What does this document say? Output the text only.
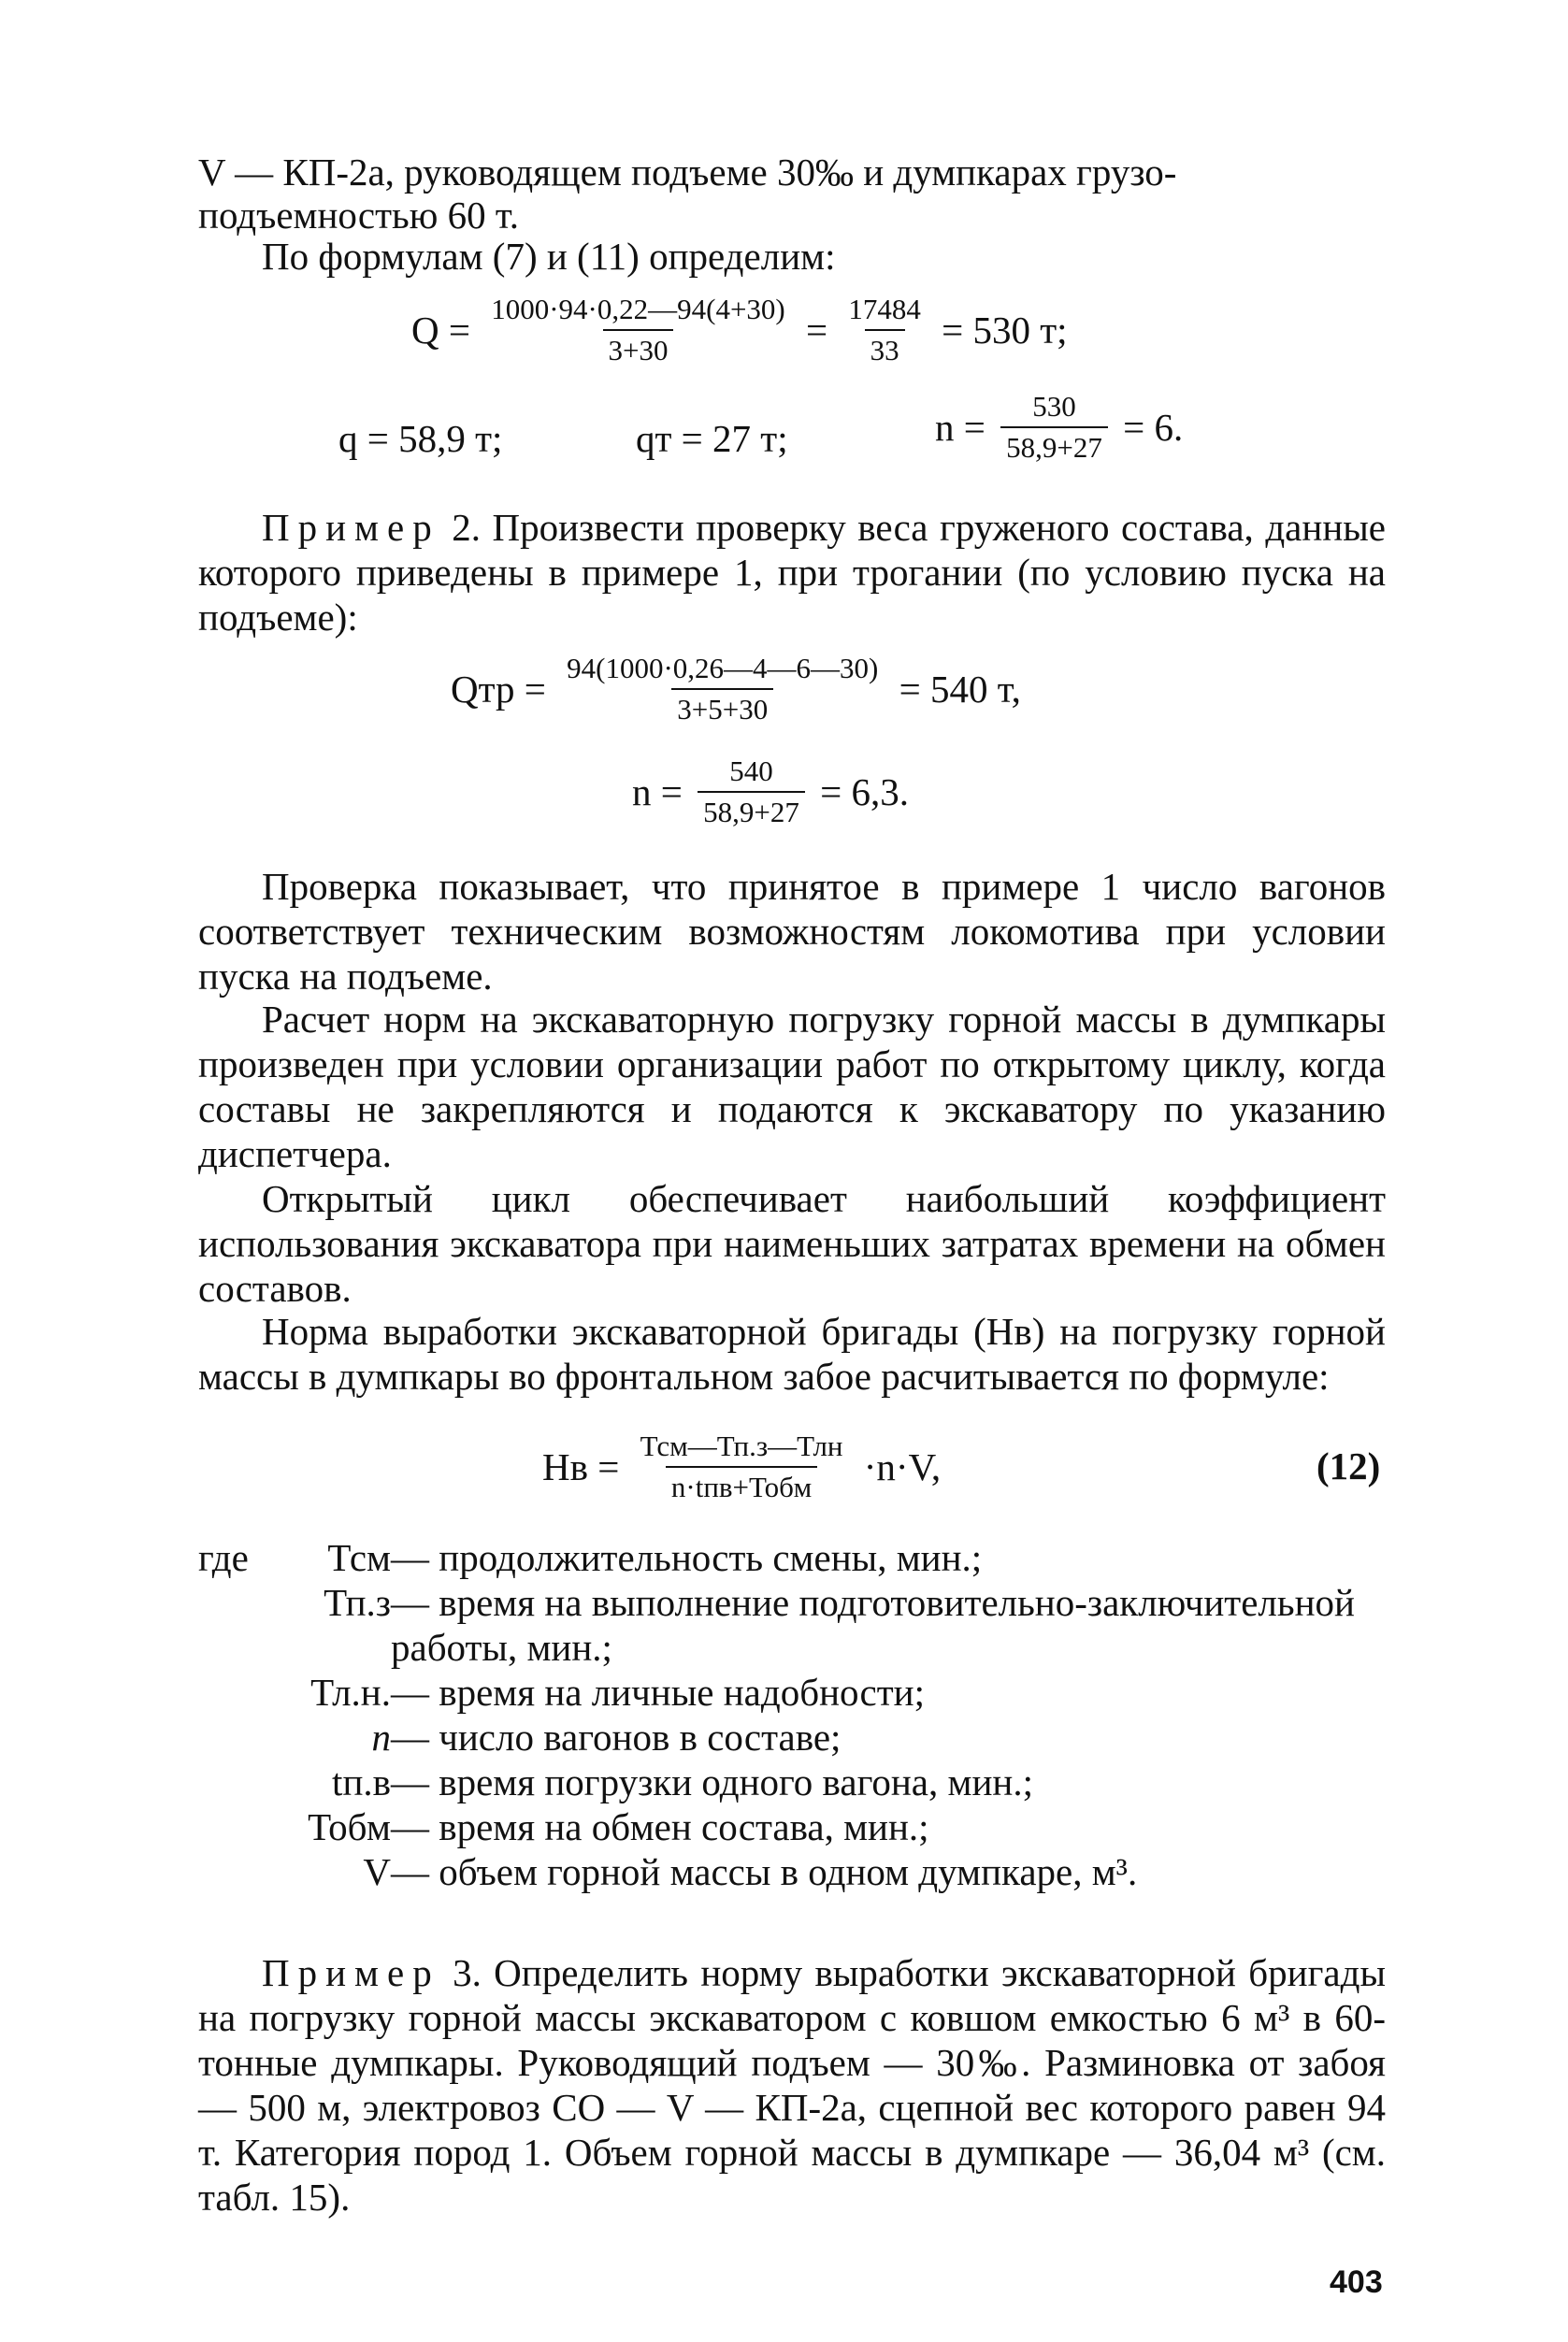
V — КП-2а, руководящем подъеме 30‰ и думпкарах грузо-

подъемностью 60 т.

По формулам (7) и (11) определим:

$Q = \frac{1000\cdot 94\cdot 0,22—94(4+30)}{3+30} = \frac{17484}{33} = 530$ т;
q = 58,9 т;	qт = 27 т;	$n = \frac{530}{58,9+27} = 6$.

Пример 2. Произвести проверку веса груженого состава, данные которого приведены в примере 1, при трогании (по условию пуска на подъеме):

Qтр = $\frac{94(1000\cdot 0,26—4—6—30)}{3+5+30} = 540$ т,
$n = \frac{540}{58,9+27} = 6,3$.

Проверка показывает, что принятое в примере 1 число вагонов соответствует техническим возможностям локомотива при условии пуска на подъеме.

Расчет норм на экскаваторную погрузку горной массы в думпкары произведен при условии организации работ по открытому циклу, когда составы не закрепляются и подаются к экскаватору по указанию диспетчера.

Открытый цикл обеспечивает наибольший коэффициент использования экскаватора при наименьших затратах времени на обмен составов.

Норма выработки экскаваторной бригады (Нв) на погрузку горной массы в думпкары во фронтальном забое расчитывается по формуле:

Нв = $\frac{\text{Тсм—Тп.з—Тлн}}{\text{n·tпв+Тобм}} \cdot n\cdot V$,	(12)
где	Тсм— продолжительность смены, мин.;
Тп.з — время на выполнение подготовительно-заключительной работы, мин.;
Тл.н.— время на личные надобности;
n— число вагонов в составе;
tп.в— время погрузки одного вагона, мин.;
Тобм— время на обмен состава, мин.;
V— объем горной массы в одном думпкаре, м³.

Пример 3. Определить норму выработки экскаваторной бригады на погрузку горной массы экскаватором с ковшом емкостью 6 м³ в 60-тонные думпкары. Руководящий подъем — 30‰. Разминовка от забоя — 500 м, электровоз СО — V — КП-2а, сцепной вес которого равен 94 т. Категория пород 1. Объем горной массы в думпкаре — 36,04 м³ (см. табл. 15).

403
